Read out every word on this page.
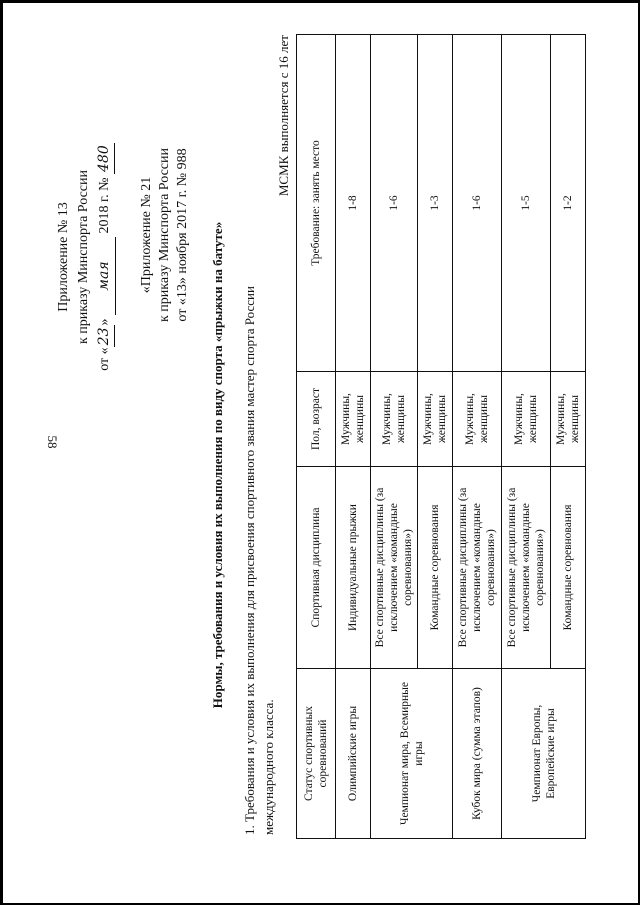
58
Приложение № 13 к приказу Минспорта России
от «23» мая 2018 г. № 480
«Приложение № 21 к приказу Минспорта России от «13» ноября 2017 г. № 988 Нормы, требования и условия их выполнения по виду спорта «прыжки на батуте» 1. Требования и условия их выполнения для присвоения спортивного звания мастер спорта России международного класса.
МСМК выполняется с 16 лет
Статус спортивных соревнований	Спортивная дисциплина	Пол, возраст	Требование: занять место
Олимпийские игры	Индивидуальные прыжки	Мужчины, женщины	1-8
Чемпионат мира, Всемирные игры	Все спортивные дисциплины (за исключением «командные соревнования»)	Мужчины, женщины	1-6
	Командные соревнования	Мужчины, женщины	1-3
Кубок мира (сумма этапов)	Все спортивные дисциплины (за исключением «командные соревнования»)	Мужчины, женщины	1-6
Чемпионат Европы, Европейские игры	Все спортивные дисциплины (за исключением «командные соревнования»)	Мужчины, женщины	1-5
	Командные соревнования	Мужчины, женщины	1-2
